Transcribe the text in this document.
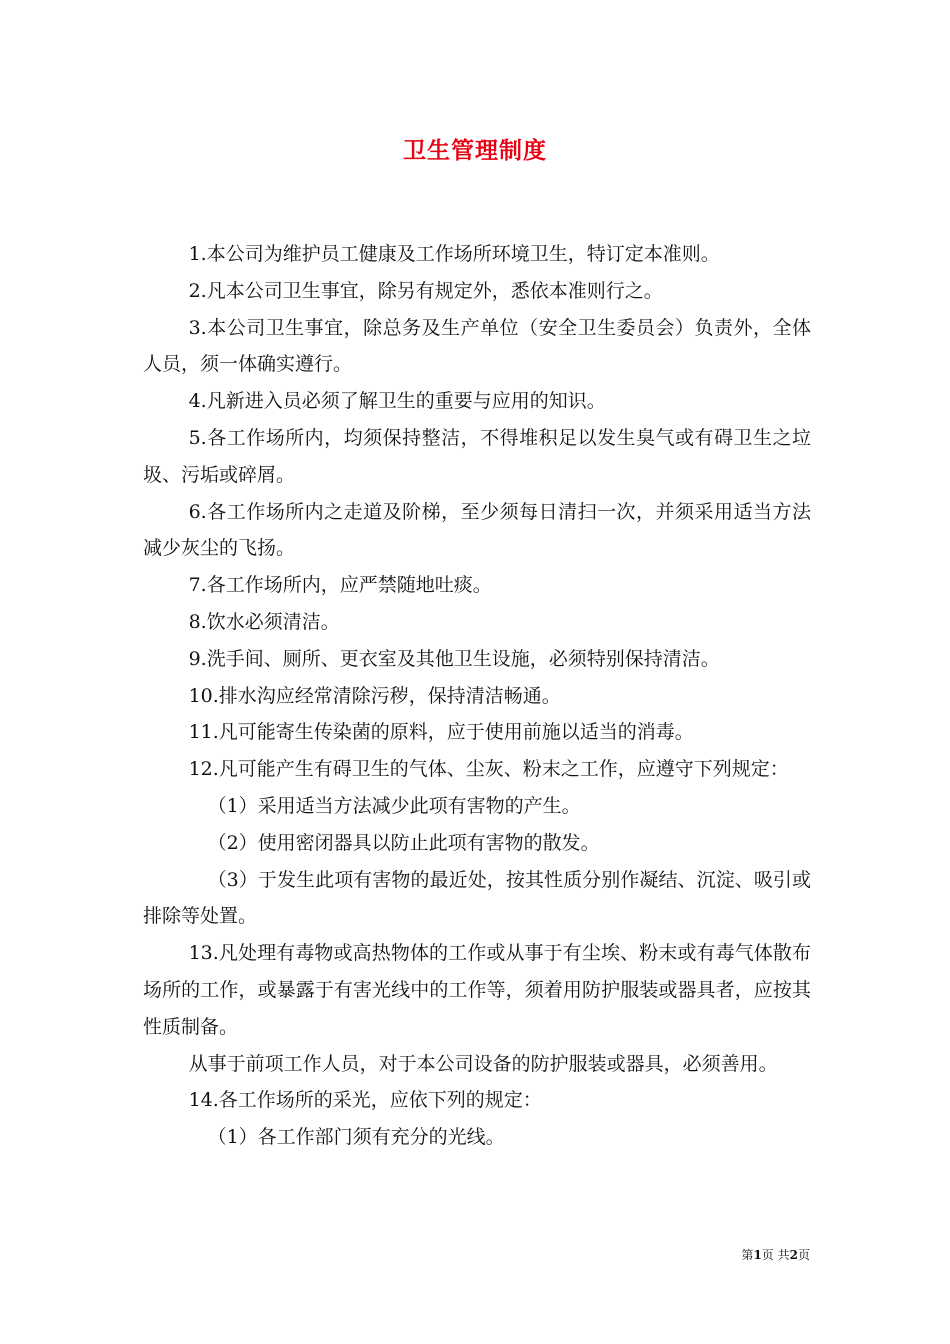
卫生管理制度

1.本公司为维护员工健康及工作场所环境卫生，特订定本准则。

2.凡本公司卫生事宜，除另有规定外，悉依本准则行之。

3.本公司卫生事宜，除总务及生产单位（安全卫生委员会）负责外，全体人员，须一体确实遵行。

4.凡新进入员必须了解卫生的重要与应用的知识。

5.各工作场所内，均须保持整洁，不得堆积足以发生臭气或有碍卫生之垃圾、污垢或碎屑。

6.各工作场所内之走道及阶梯，至少须每日清扫一次，并须采用适当方法减少灰尘的飞扬。

7.各工作场所内，应严禁随地吐痰。

8.饮水必须清洁。

9.洗手间、厕所、更衣室及其他卫生设施，必须特别保持清洁。

10.排水沟应经常清除污秽，保持清洁畅通。

11.凡可能寄生传染菌的原料，应于使用前施以适当的消毒。

12.凡可能产生有碍卫生的气体、尘灰、粉末之工作，应遵守下列规定：

（1）采用适当方法减少此项有害物的产生。

（2）使用密闭器具以防止此项有害物的散发。

（3）于发生此项有害物的最近处，按其性质分别作凝结、沉淀、吸引或排除等处置。

13.凡处理有毒物或高热物体的工作或从事于有尘埃、粉末或有毒气体散布场所的工作，或暴露于有害光线中的工作等，须着用防护服装或器具者，应按其性质制备。

从事于前项工作人员，对于本公司设备的防护服装或器具，必须善用。

14.各工作场所的采光，应依下列的规定：

（1）各工作部门须有充分的光线。

第1页 共2页
